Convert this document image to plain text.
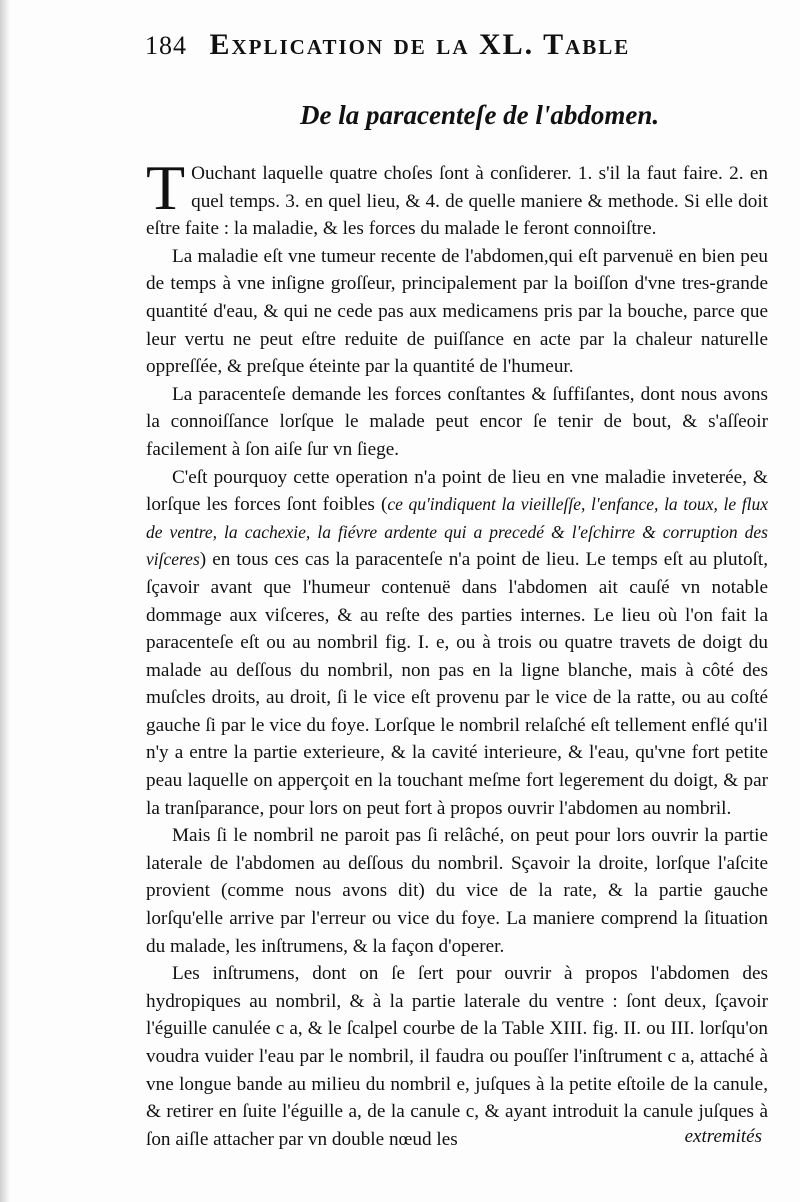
184 Explication de la XL. Table
De la paracenteſe de l'abdomen.

T Ouchant laquelle quatre choſes ſont à conſiderer. 1. s'il la faut faire. 2. en quel temps. 3. en quel lieu, & 4. de quelle maniere & methode. Si elle doit eſtre faite : la maladie, & les forces du malade le feront connoiſtre.

La maladie eſt vne tumeur recente de l'abdomen,qui eſt parvenuë en bien peu de temps à vne inſigne groſſeur, principalement par la boiſſon d'vne tres-grande quantité d'eau, & qui ne cede pas aux medicamens pris par la bouche, parce que leur vertu ne peut eſtre reduite de puiſſance en acte par la chaleur naturelle oppreſſée, & preſque éteinte par la quantité de l'humeur.

La paracenteſe demande les forces conſtantes & ſuffiſantes, dont nous avons la connoiſſance lorſque le malade peut encor ſe tenir de bout, & s'aſſeoir facilement à ſon aiſe ſur vn ſiege.

C'eſt pourquoy cette operation n'a point de lieu en vne maladie inveterée, & lorſque les forces ſont foibles (ce qu'indiquent la vieilleſſe, l'enfance, la toux, le flux de ventre, la cachexie, la fiévre ardente qui a precedé & l'eſchirre & corruption des viſceres) en tous ces cas la paracenteſe n'a point de lieu. Le temps eſt au plutoſt, ſçavoir avant que l'humeur contenuë dans l'abdomen ait cauſé vn notable dommage aux viſceres, & au reſte des parties internes. Le lieu où l'on fait la paracenteſe eſt ou au nombril fig. I. e, ou à trois ou quatre travets de doigt du malade au deſſous du nombril, non pas en la ligne blanche, mais à côté des muſcles droits, au droit, ſi le vice eſt provenu par le vice de la ratte, ou au coſté gauche ſi par le vice du foye. Lorſque le nombril relaſché eſt tellement enflé qu'il n'y a entre la partie exterieure, & la cavité interieure, & l'eau, qu'vne fort petite peau laquelle on apperçoit en la touchant meſme fort legerement du doigt, & par la tranſparance, pour lors on peut fort à propos ouvrir l'abdomen au nombril.

Mais ſi le nombril ne paroit pas ſi relâché, on peut pour lors ouvrir la partie laterale de l'abdomen au deſſous du nombril. Sçavoir la droite, lorſque l'aſcite provient (comme nous avons dit) du vice de la rate, & la partie gauche lorſqu'elle arrive par l'erreur ou vice du foye. La maniere comprend la ſituation du malade, les inſtrumens, & la façon d'operer.

Les inſtrumens, dont on ſe ſert pour ouvrir à propos l'abdomen des hydropiques au nombril, & à la partie laterale du ventre : ſont deux, ſçavoir l'éguille canulée c a, & le ſcalpel courbe de la Table XIII. fig. II. ou III. lorſqu'on voudra vuider l'eau par le nombril, il faudra ou pouſſer l'inſtrument c a, attaché à vne longue bande au milieu du nombril e, juſques à la petite eſtoile de la canule, & retirer en ſuite l'éguille a, de la canule c, & ayant introduit la canule juſques à ſon aiſle attacher par vn double nœud les	extremités
